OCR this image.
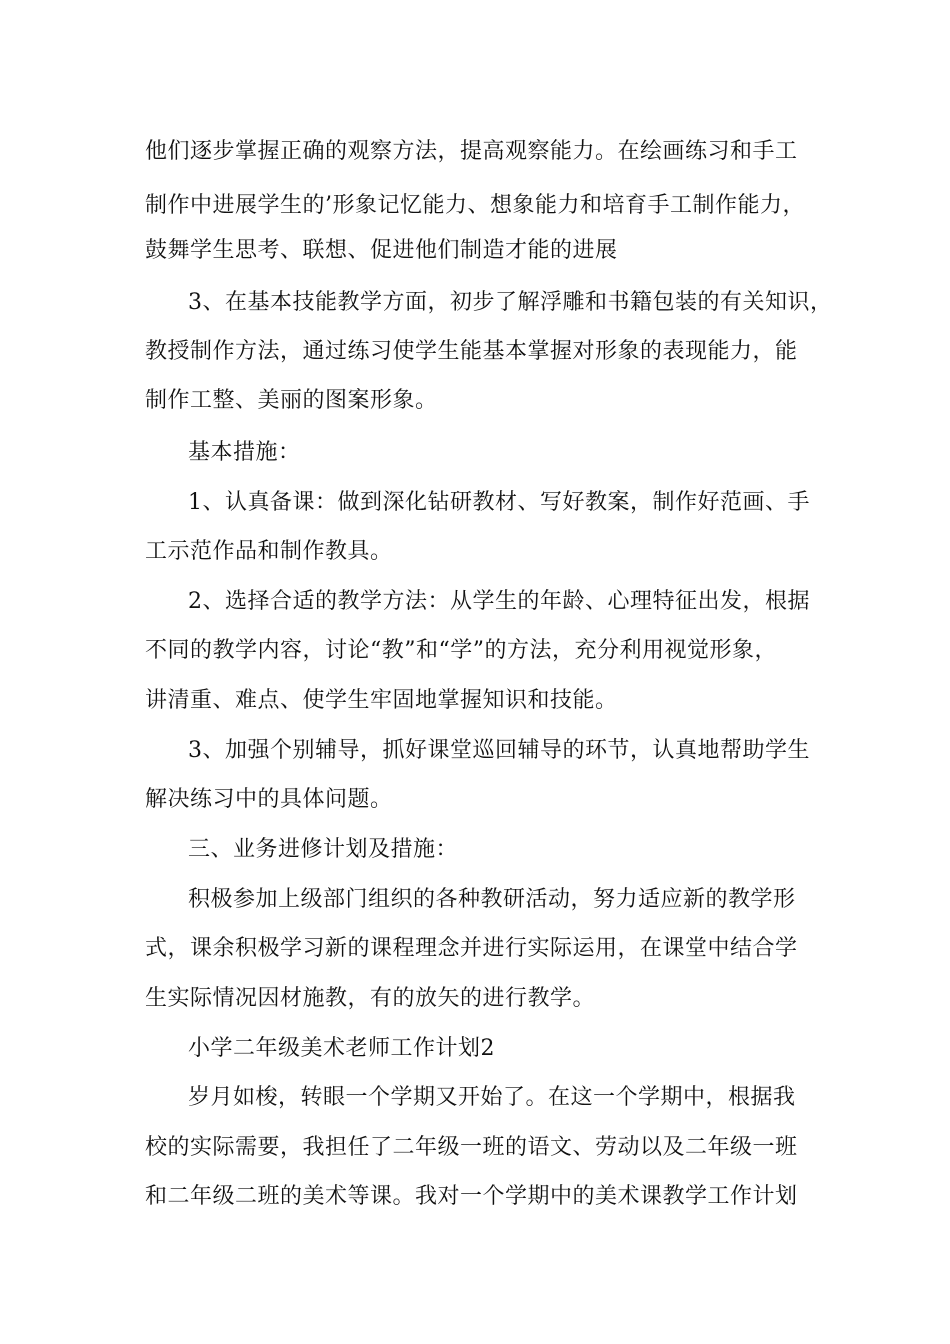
他们逐步掌握正确的观察方法，提高观察能力。在绘画练习和手工
制作中进展学生的’形象记忆能力、想象能力和培育手工制作能力，
鼓舞学生思考、联想、促进他们制造才能的进展
3、在基本技能教学方面，初步了解浮雕和书籍包装的有关知识，
教授制作方法，通过练习使学生能基本掌握对形象的表现能力，能
制作工整、美丽的图案形象。
基本措施：
1、认真备课：做到深化钻研教材、写好教案，制作好范画、手
工示范作品和制作教具。
2、选择合适的教学方法：从学生的年龄、心理特征出发，根据
不同的教学内容，讨论“教”和“学”的方法，充分利用视觉形象，
讲清重、难点、使学生牢固地掌握知识和技能。
3、加强个别辅导，抓好课堂巡回辅导的环节，认真地帮助学生
解决练习中的具体问题。
三、业务进修计划及措施：
积极参加上级部门组织的各种教研活动，努力适应新的教学形
式，课余积极学习新的课程理念并进行实际运用，在课堂中结合学
生实际情况因材施教，有的放矢的进行教学。
小学二年级美术老师工作计划2
岁月如梭，转眼一个学期又开始了。在这一个学期中，根据我
校的实际需要，我担任了二年级一班的语文、劳动以及二年级一班
和二年级二班的美术等课。我对一个学期中的美术课教学工作计划
